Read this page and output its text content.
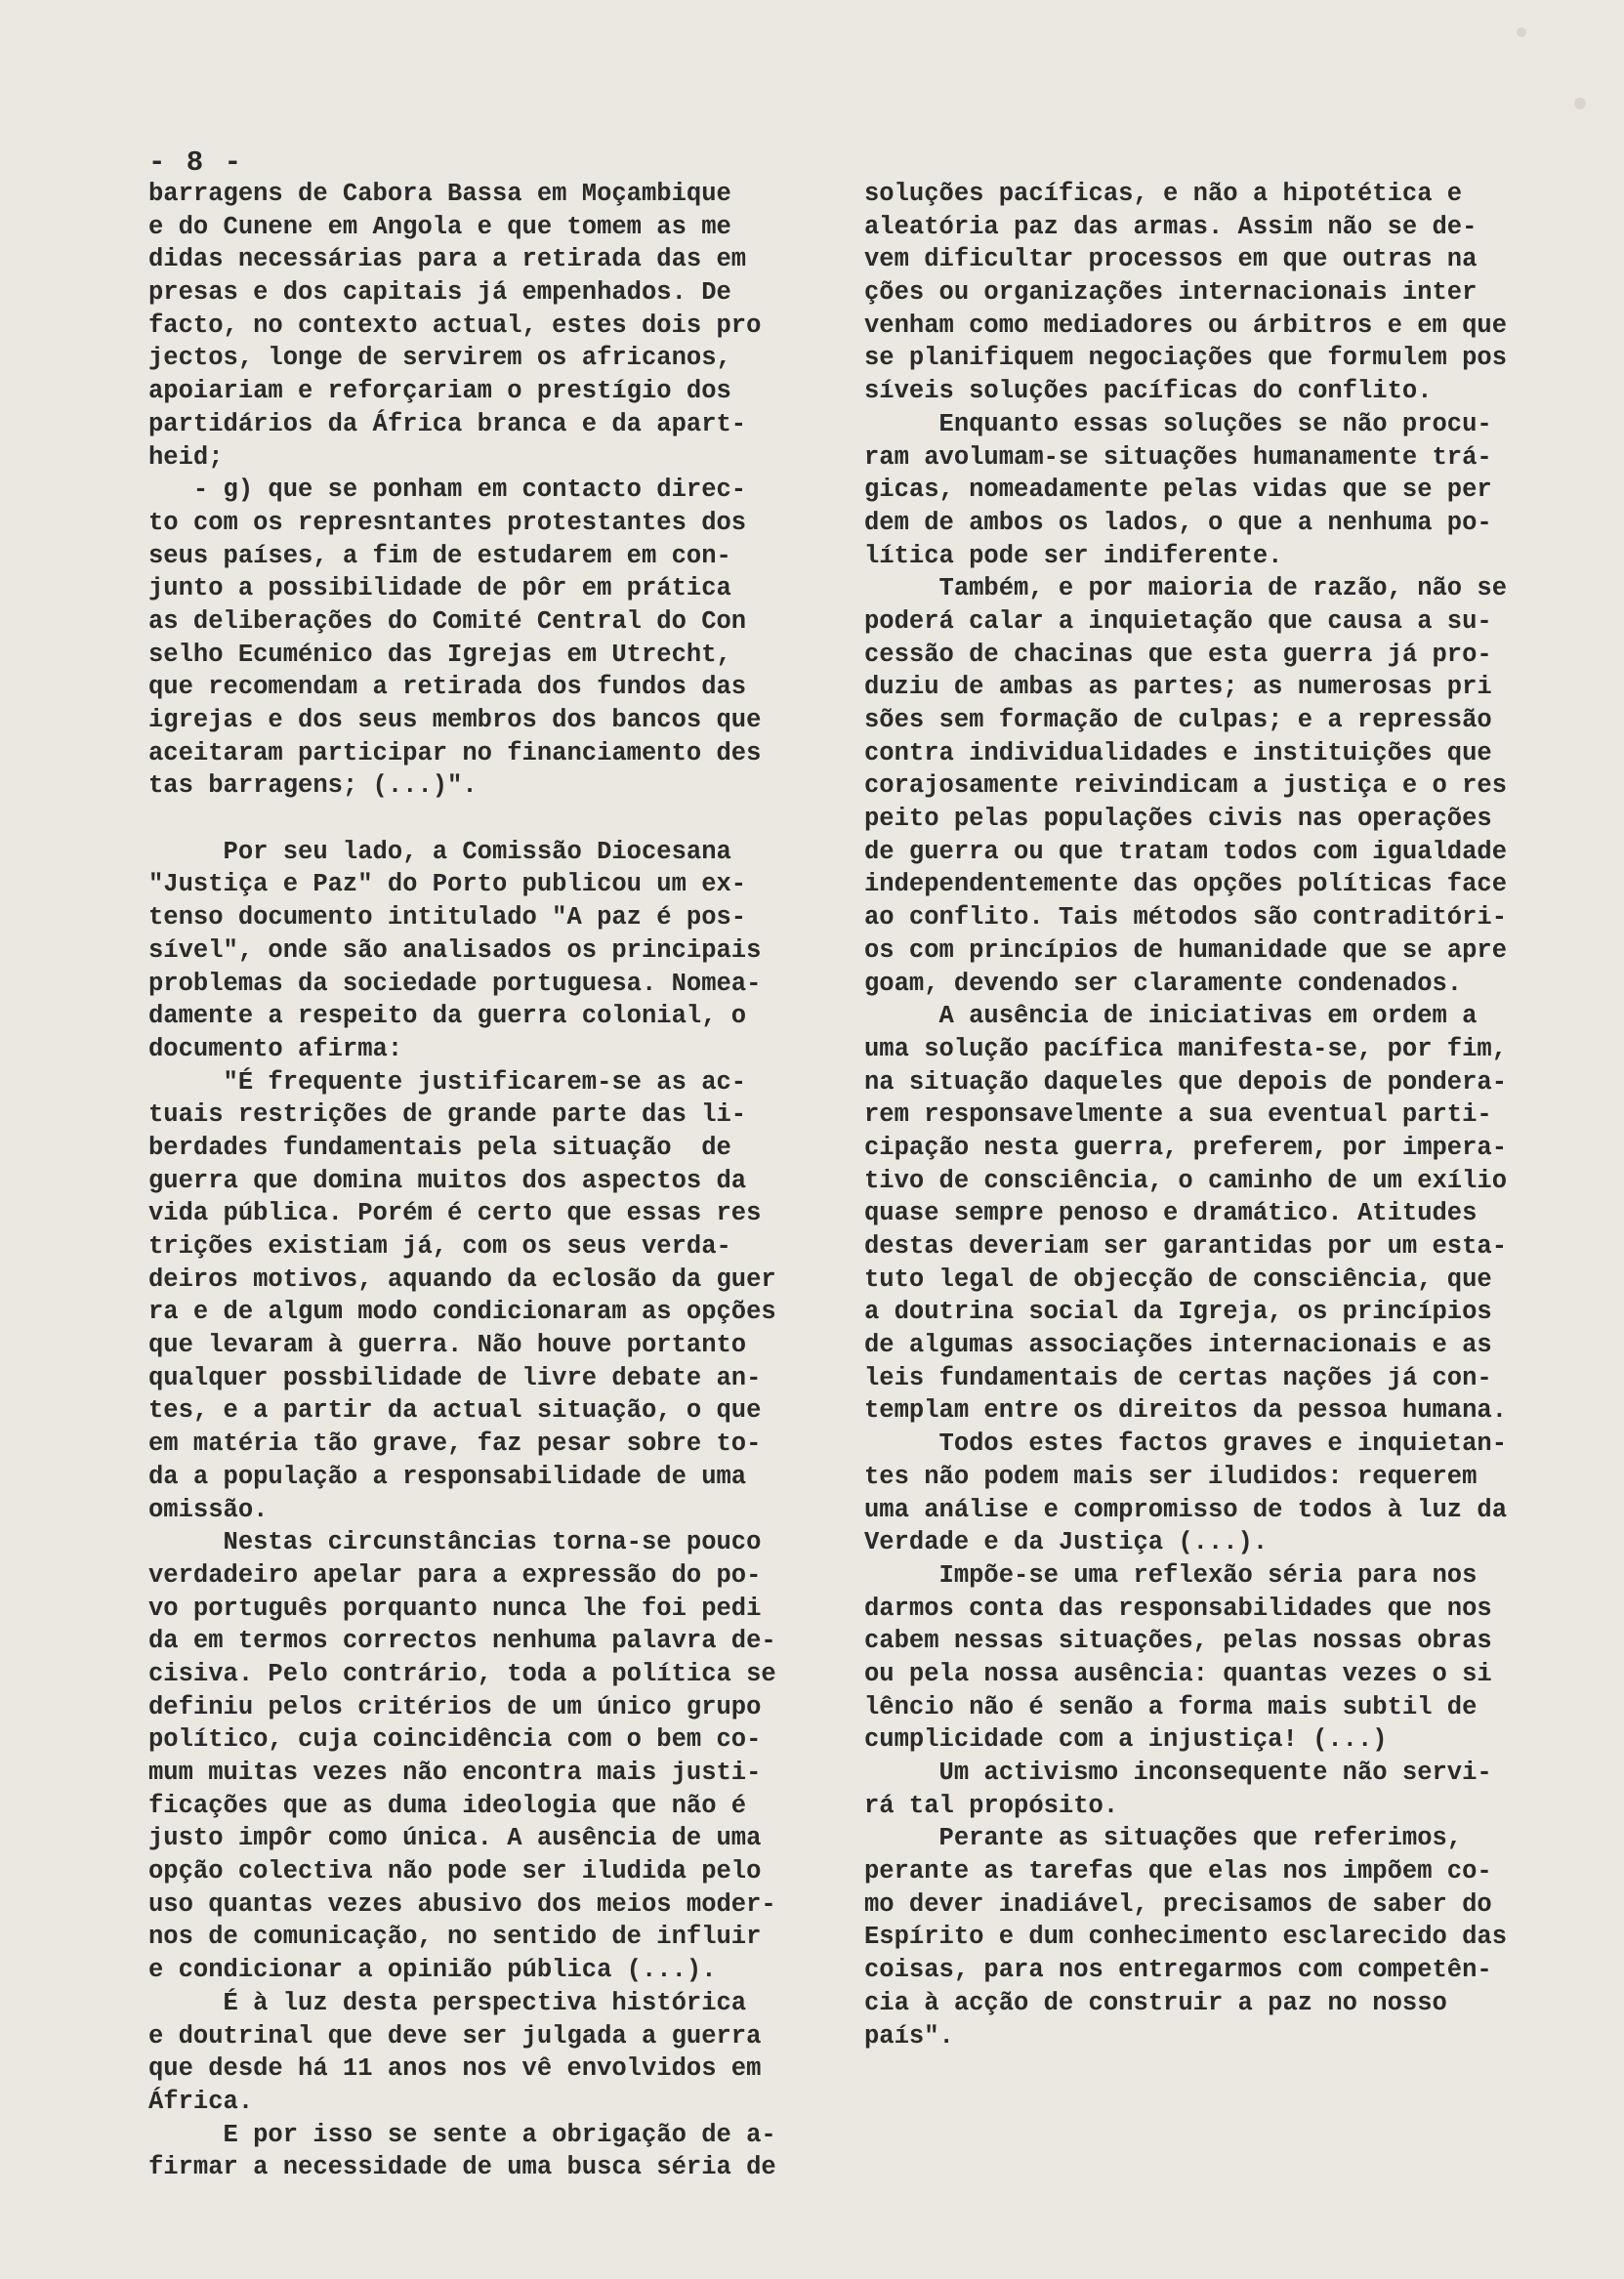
- 8 -

barragens de Cabora Bassa em Moçambique
e do Cunene em Angola e que tomem as me
didas necessárias para a retirada das em
presas e dos capitais já empenhados. De
facto, no contexto actual, estes dois pro
jectos, longe de servirem os africanos,
apoiariam e reforçariam o prestígio dos
partidários da África branca e da apart-
heid;
- g) que se ponham em contacto direc-
to com os represntantes protestantes dos
seus países, a fim de estudarem em con-
junto a possibilidade de pôr em prática
as deliberações do Comité Central do Con
selho Ecuménico das Igrejas em Utrecht,
que recomendam a retirada dos fundos das
igrejas e dos seus membros dos bancos que
aceitaram participar no financiamento des
tas barragens; (...)".
Por seu lado, a Comissão Diocesana
"Justiça e Paz" do Porto publicou um ex-
tenso documento intitulado "A paz é pos-
sível", onde são analisados os principais
problemas da sociedade portuguesa. Nomea-
damente a respeito da guerra colonial, o
documento afirma:
"É frequente justificarem-se as ac-
tuais restrições de grande parte das li-
berdades fundamentais pela situação  de
guerra que domina muitos dos aspectos da
vida pública. Porém é certo que essas res
trições existiam já, com os seus verda-
deiros motivos, aquando da eclosão da guer
ra e de algum modo condicionaram as opções
que levaram à guerra. Não houve portanto
qualquer possbilidade de livre debate an-
tes, e a partir da actual situação, o que
em matéria tão grave, faz pesar sobre to-
da a população a responsabilidade de uma
omissão.
Nestas circunstâncias torna-se pouco
verdadeiro apelar para a expressão do po-
vo português porquanto nunca lhe foi pedi
da em termos correctos nenhuma palavra de-
cisiva. Pelo contrário, toda a política se
definiu pelos critérios de um único grupo
político, cuja coincidência com o bem co-
mum muitas vezes não encontra mais justi-
ficações que as duma ideologia que não é
justo impôr como única. A ausência de uma
opção colectiva não pode ser iludida pelo
uso quantas vezes abusivo dos meios moder-
nos de comunicação, no sentido de influir
e condicionar a opinião pública (...).
É à luz desta perspectiva histórica
e doutrinal que deve ser julgada a guerra
que desde há 11 anos nos vê envolvidos em
África.
E por isso se sente a obrigação de a-
firmar a necessidade de uma busca séria de
soluções pacíficas, e não a hipotética e
aleatória paz das armas. Assim não se de-
vem dificultar processos em que outras na
ções ou organizações internacionais inter
venham como mediadores ou árbitros e em que
se planifiquem negociações que formulem pos
síveis soluções pacíficas do conflito.
Enquanto essas soluções se não procu-
ram avolumam-se situações humanamente trá-
gicas, nomeadamente pelas vidas que se per
dem de ambos os lados, o que a nenhuma po-
lítica pode ser indiferente.
Também, e por maioria de razão, não se
poderá calar a inquietação que causa a su-
cessão de chacinas que esta guerra já pro-
duziu de ambas as partes; as numerosas pri
sões sem formação de culpas; e a repressão
contra individualidades e instituições que
corajosamente reivindicam a justiça e o res
peito pelas populações civis nas operações
de guerra ou que tratam todos com igualdade
independentemente das opções políticas face
ao conflito. Tais métodos são contraditóri-
os com princípios de humanidade que se apre
goam, devendo ser claramente condenados.
A ausência de iniciativas em ordem a
uma solução pacífica manifesta-se, por fim,
na situação daqueles que depois de pondera-
rem responsavelmente a sua eventual parti-
cipação nesta guerra, preferem, por impera-
tivo de consciência, o caminho de um exílio
quase sempre penoso e dramático. Atitudes
destas deveriam ser garantidas por um esta-
tuto legal de objecção de consciência, que
a doutrina social da Igreja, os princípios
de algumas associações internacionais e as
leis fundamentais de certas nações já con-
templam entre os direitos da pessoa humana.
Todos estes factos graves e inquietan-
tes não podem mais ser iludidos: requerem
uma análise e compromisso de todos à luz da
Verdade e da Justiça (...).
Impõe-se uma reflexão séria para nos
darmos conta das responsabilidades que nos
cabem nessas situações, pelas nossas obras
ou pela nossa ausência: quantas vezes o si
lêncio não é senão a forma mais subtil de
cumplicidade com a injustiça! (...)
Um activismo inconsequente não servi-
rá tal propósito.
Perante as situações que referimos,
perante as tarefas que elas nos impõem co-
mo dever inadiável, precisamos de saber do
Espírito e dum conhecimento esclarecido das
coisas, para nos entregarmos com competên-
cia à acção de construir a paz no nosso
país".
